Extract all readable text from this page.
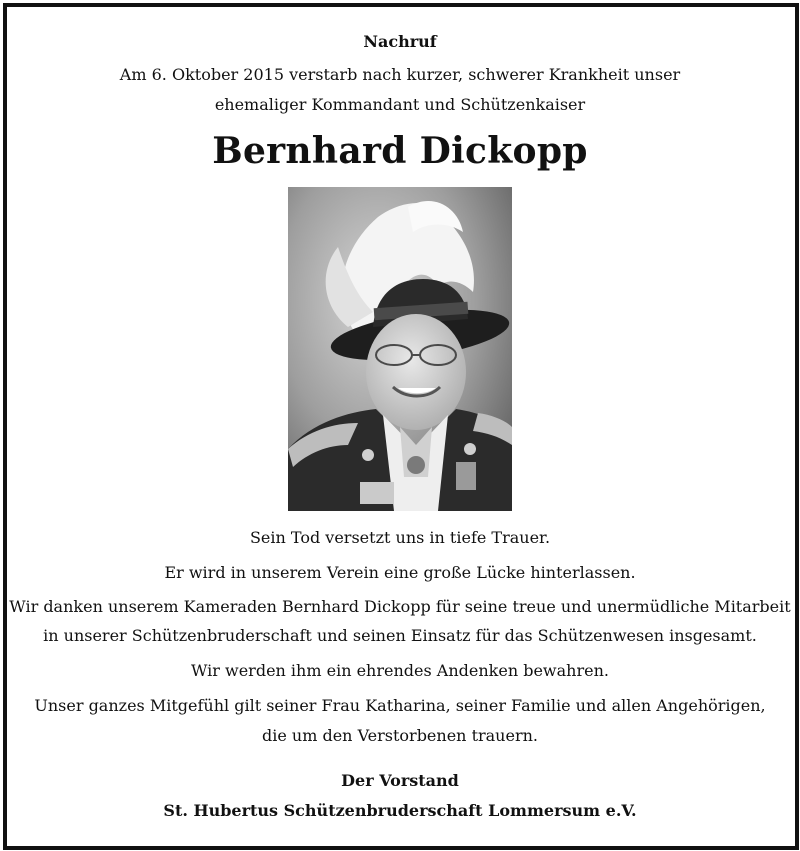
Nachruf
Am 6. Oktober 2015 verstarb nach kurzer, schwerer Krankheit unser
ehemaliger Kommandant und Schützenkaiser
Bernhard Dickopp
Sein Tod versetzt uns in tiefe Trauer.
Er wird in unserem Verein eine große Lücke hinterlassen.
Wir danken unserem Kameraden Bernhard Dickopp für seine treue und unermüdliche Mitarbeit
in unserer Schützenbruderschaft und seinen Einsatz für das Schützenwesen insgesamt.
Wir werden ihm ein ehrendes Andenken bewahren.
Unser ganzes Mitgefühl gilt seiner Frau Katharina, seiner Familie und allen Angehörigen,
die um den Verstorbenen trauern.
Der Vorstand
St. Hubertus Schützenbruderschaft Lommersum e.V.
